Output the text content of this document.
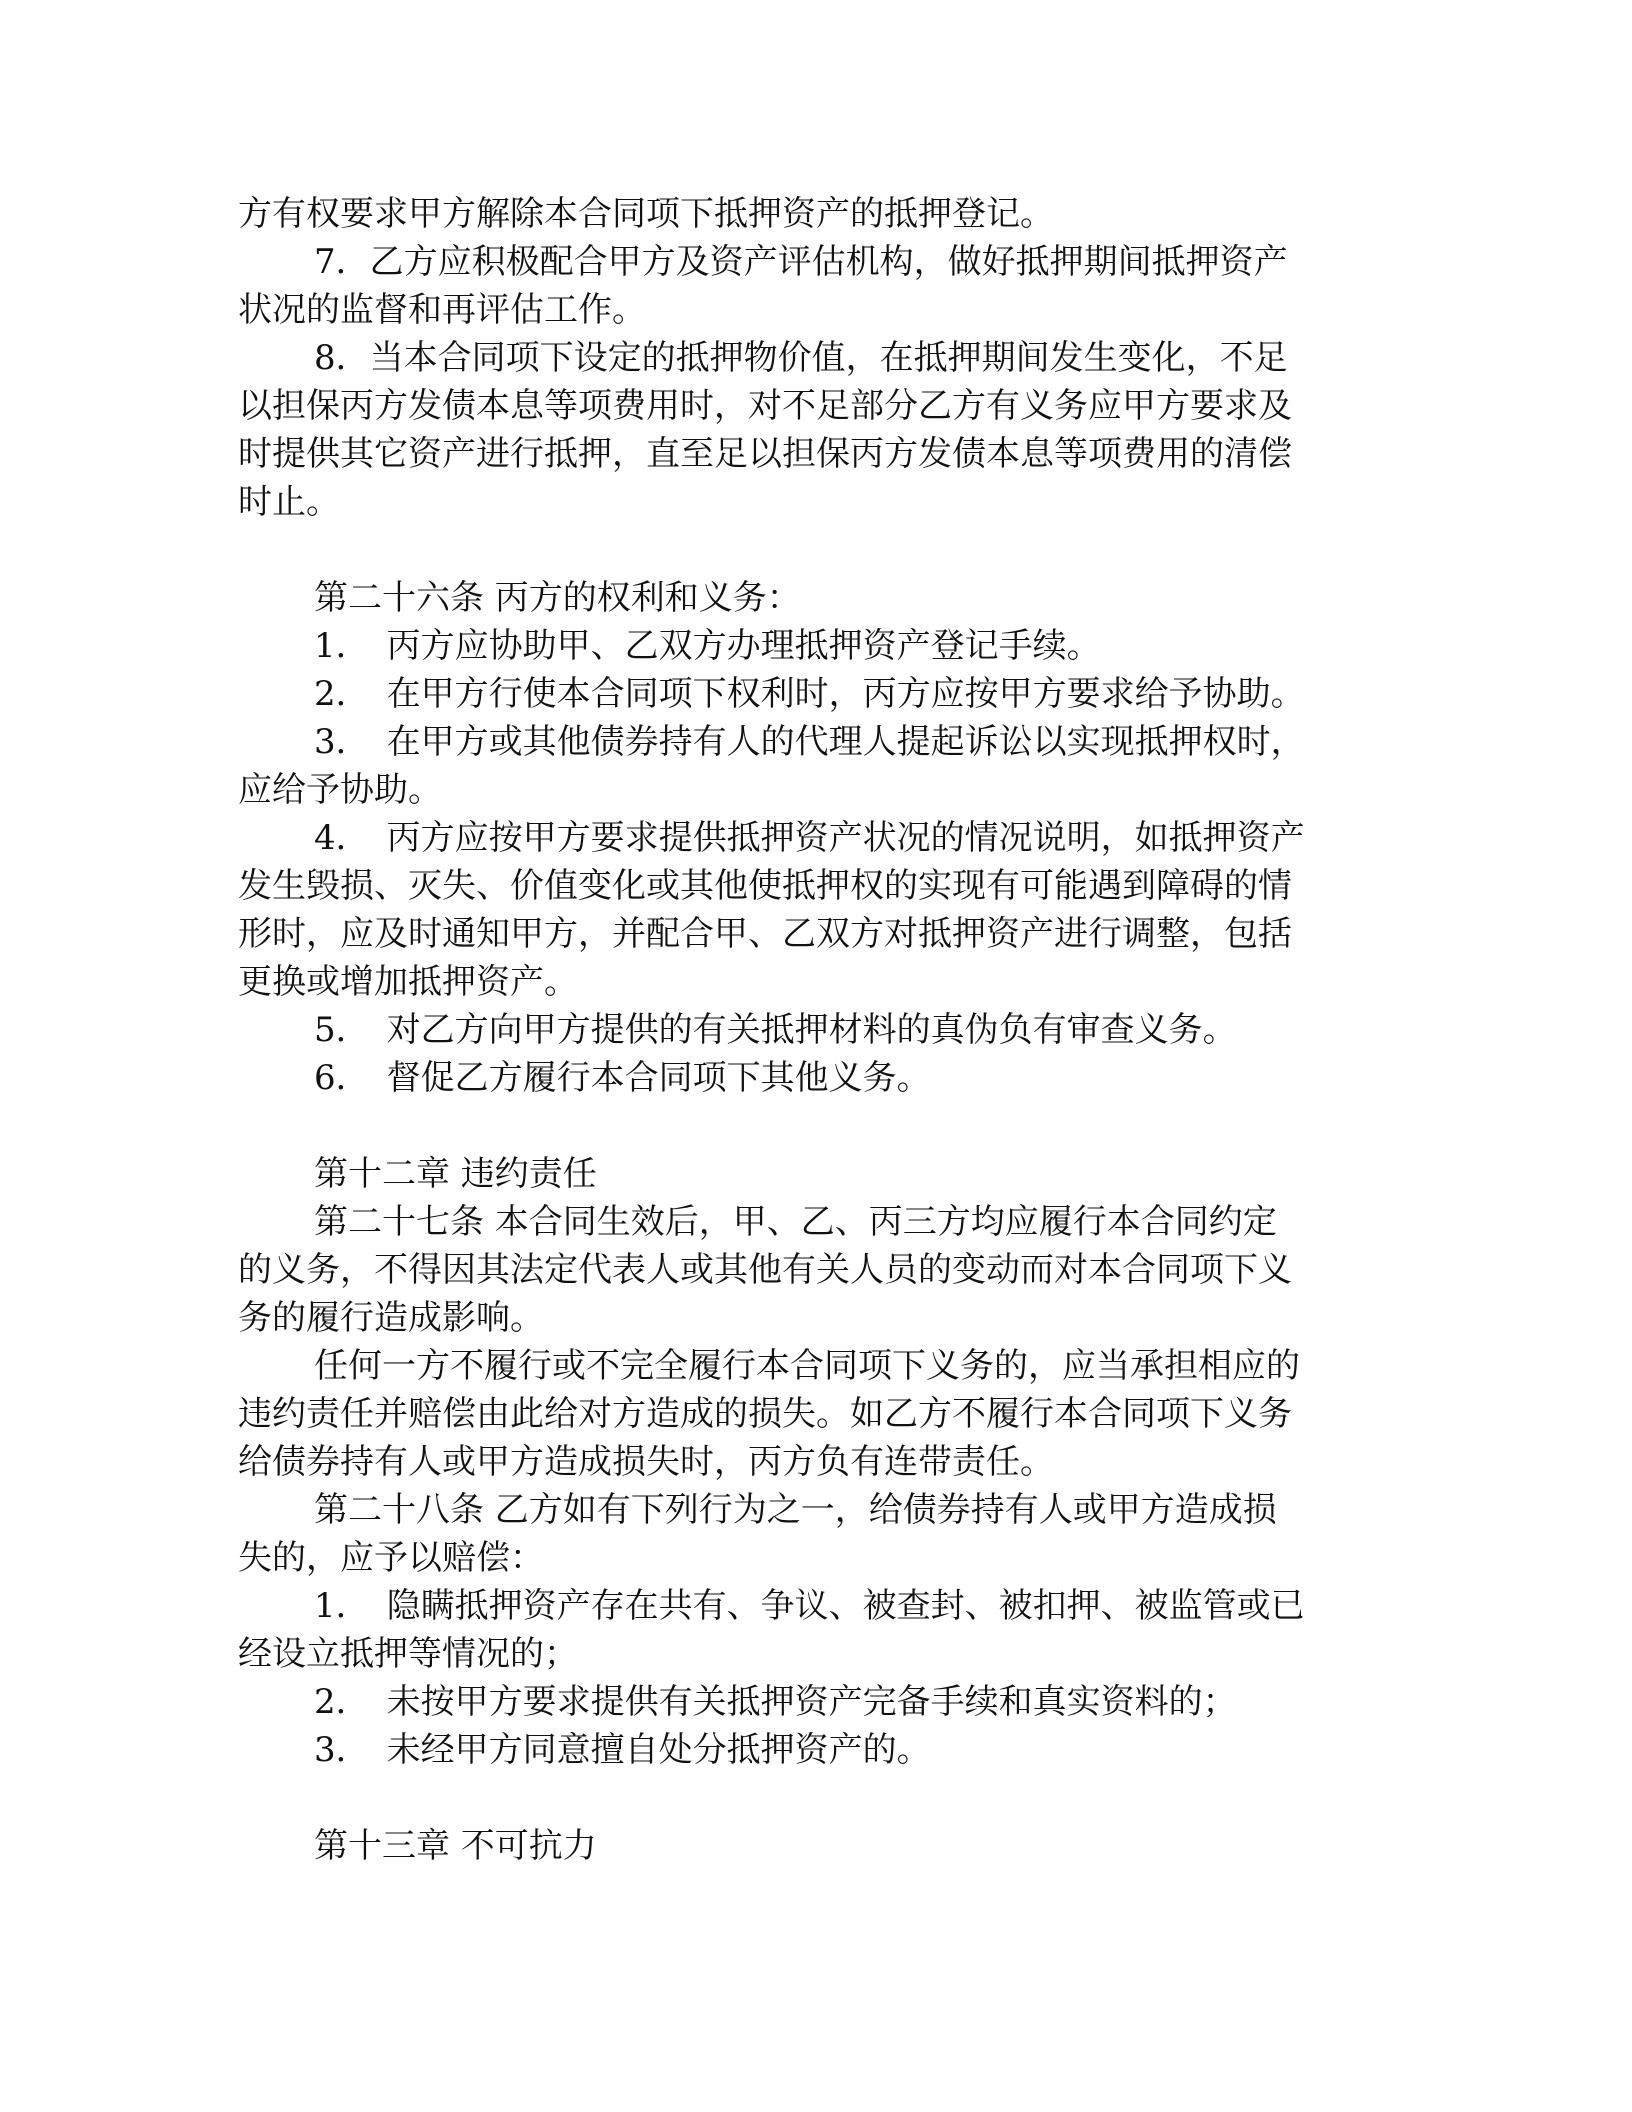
方有权要求甲方解除本合同项下抵押资产的抵押登记。
7．乙方应积极配合甲方及资产评估机构，做好抵押期间抵押资产
状况的监督和再评估工作。
8．当本合同项下设定的抵押物价值，在抵押期间发生变化，不足
以担保丙方发债本息等项费用时，对不足部分乙方有义务应甲方要求及
时提供其它资产进行抵押，直至足以担保丙方发债本息等项费用的清偿
时止。
第二十六条 丙方的权利和义务：
1．　丙方应协助甲、乙双方办理抵押资产登记手续。
2．　在甲方行使本合同项下权利时，丙方应按甲方要求给予协助。
3．　在甲方或其他债券持有人的代理人提起诉讼以实现抵押权时，
应给予协助。
4．　丙方应按甲方要求提供抵押资产状况的情况说明，如抵押资产
发生毁损、灭失、价值变化或其他使抵押权的实现有可能遇到障碍的情
形时，应及时通知甲方，并配合甲、乙双方对抵押资产进行调整，包括
更换或增加抵押资产。
5．　对乙方向甲方提供的有关抵押材料的真伪负有审查义务。
6．　督促乙方履行本合同项下其他义务。
第十二章 违约责任
第二十七条 本合同生效后，甲、乙、丙三方均应履行本合同约定
的义务，不得因其法定代表人或其他有关人员的变动而对本合同项下义
务的履行造成影响。
任何一方不履行或不完全履行本合同项下义务的，应当承担相应的
违约责任并赔偿由此给对方造成的损失。如乙方不履行本合同项下义务
给债券持有人或甲方造成损失时，丙方负有连带责任。
第二十八条 乙方如有下列行为之一，给债券持有人或甲方造成损
失的，应予以赔偿：
1．　隐瞒抵押资产存在共有、争议、被查封、被扣押、被监管或已
经设立抵押等情况的；
2．　未按甲方要求提供有关抵押资产完备手续和真实资料的；
3．　未经甲方同意擅自处分抵押资产的。
第十三章 不可抗力
